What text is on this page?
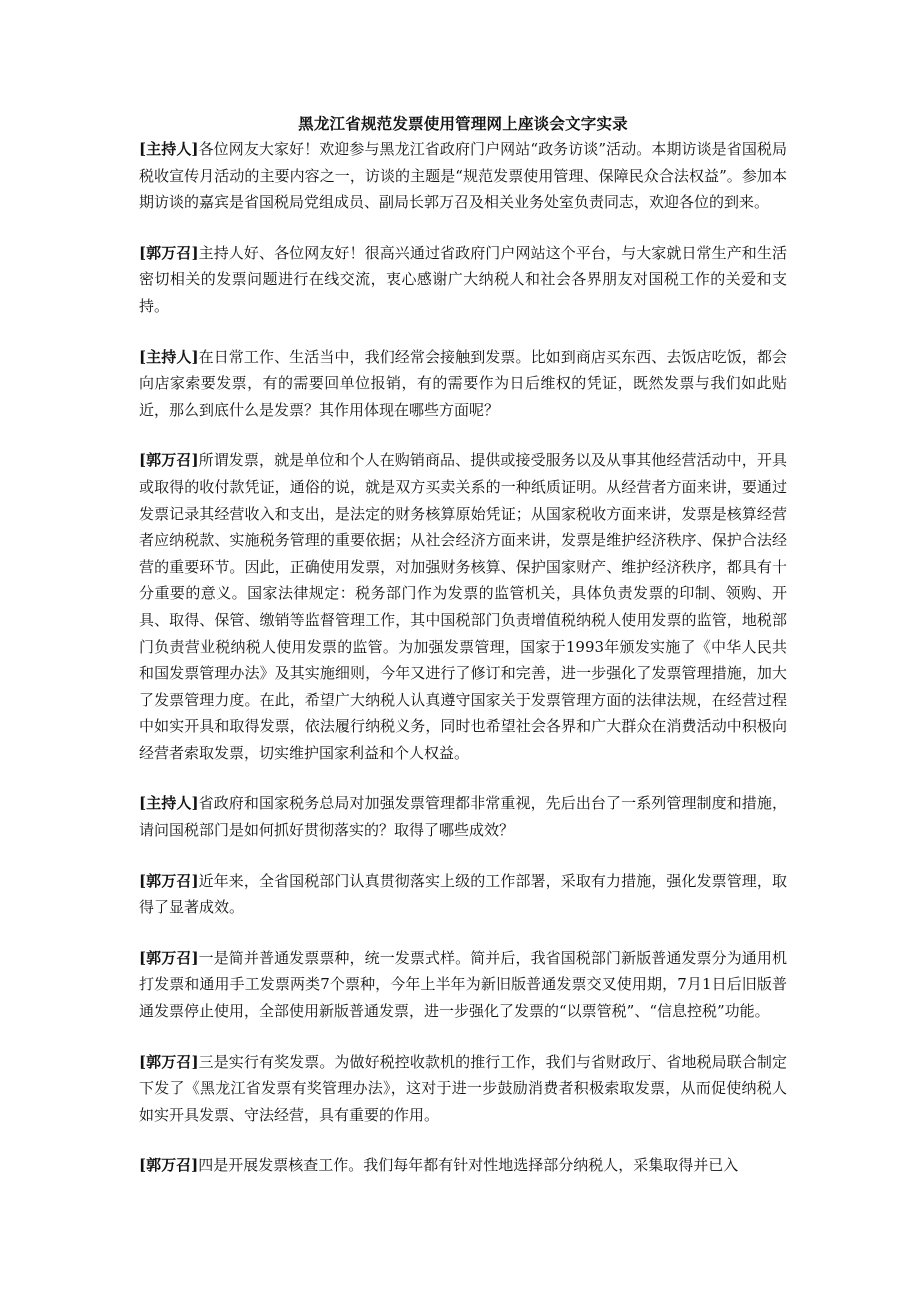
黑龙江省规范发票使用管理网上座谈会文字实录

[主持人]各位网友大家好！欢迎参与黑龙江省政府门户网站“政务访谈”活动。本期访谈是省国税局税收宣传月活动的主要内容之一，访谈的主题是“规范发票使用管理、保障民众合法权益”。参加本期访谈的嘉宾是省国税局党组成员、副局长郭万召及相关业务处室负责同志，欢迎各位的到来。

[郭万召]主持人好、各位网友好！很高兴通过省政府门户网站这个平台，与大家就日常生产和生活密切相关的发票问题进行在线交流，衷心感谢广大纳税人和社会各界朋友对国税工作的关爱和支持。

[主持人]在日常工作、生活当中，我们经常会接触到发票。比如到商店买东西、去饭店吃饭，都会向店家索要发票，有的需要回单位报销，有的需要作为日后维权的凭证，既然发票与我们如此贴近，那么到底什么是发票？其作用体现在哪些方面呢？

[郭万召]所谓发票，就是单位和个人在购销商品、提供或接受服务以及从事其他经营活动中，开具或取得的收付款凭证，通俗的说，就是双方买卖关系的一种纸质证明。从经营者方面来讲，要通过发票记录其经营收入和支出，是法定的财务核算原始凭证；从国家税收方面来讲，发票是核算经营者应纳税款、实施税务管理的重要依据；从社会经济方面来讲，发票是维护经济秩序、保护合法经营的重要环节。因此，正确使用发票，对加强财务核算、保护国家财产、维护经济秩序，都具有十分重要的意义。国家法律规定：税务部门作为发票的监管机关，具体负责发票的印制、领购、开具、取得、保管、缴销等监督管理工作，其中国税部门负责增值税纳税人使用发票的监管，地税部门负责营业税纳税人使用发票的监管。为加强发票管理，国家于1993年颁发实施了《中华人民共和国发票管理办法》及其实施细则，今年又进行了修订和完善，进一步强化了发票管理措施，加大了发票管理力度。在此，希望广大纳税人认真遵守国家关于发票管理方面的法律法规，在经营过程中如实开具和取得发票，依法履行纳税义务，同时也希望社会各界和广大群众在消费活动中积极向经营者索取发票，切实维护国家利益和个人权益。

[主持人]省政府和国家税务总局对加强发票管理都非常重视，先后出台了一系列管理制度和措施，请问国税部门是如何抓好贯彻落实的？取得了哪些成效？

[郭万召]近年来，全省国税部门认真贯彻落实上级的工作部署，采取有力措施，强化发票管理，取得了显著成效。

[郭万召]一是简并普通发票票种，统一发票式样。简并后，我省国税部门新版普通发票分为通用机打发票和通用手工发票两类7个票种，今年上半年为新旧版普通发票交叉使用期，7月1日后旧版普通发票停止使用，全部使用新版普通发票，进一步强化了发票的“以票管税”、“信息控税”功能。

[郭万召]三是实行有奖发票。为做好税控收款机的推行工作，我们与省财政厅、省地税局联合制定下发了《黑龙江省发票有奖管理办法》，这对于进一步鼓励消费者积极索取发票，从而促使纳税人如实开具发票、守法经营，具有重要的作用。

[郭万召]四是开展发票核查工作。我们每年都有针对性地选择部分纳税人，采集取得并已入
